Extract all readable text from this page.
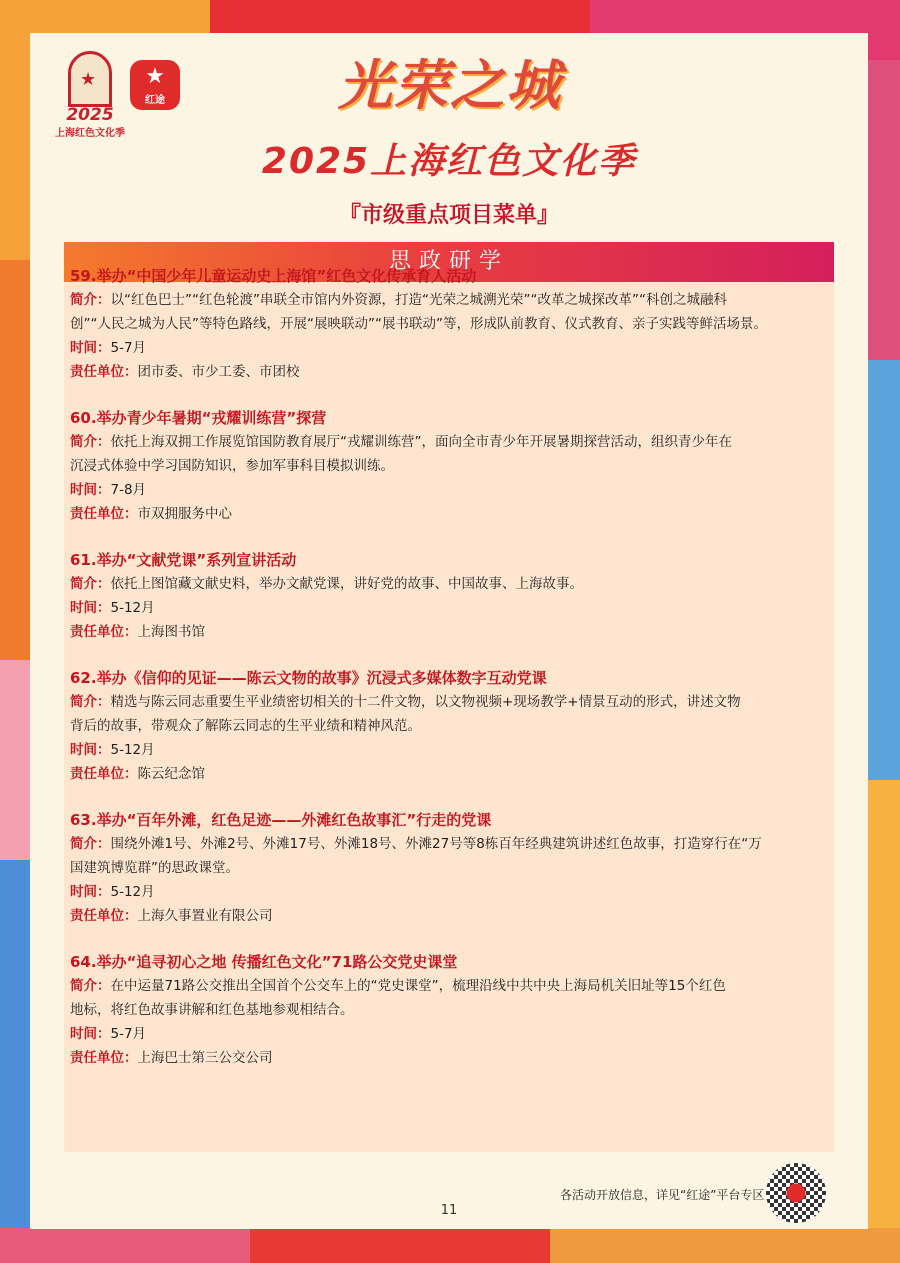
★
2025
上海红色文化季
★
红途	光荣之城
2025上海红色文化季
『市级重点项目菜单』
思政研学
各活动开放信息，详见“红途”平台专区
11
59.举办“中国少年儿童运动史上海馆”红色文化传承育人活动
简介：以“红色巴士”“红色轮渡”串联全市馆内外资源，打造“光荣之城溯光荣”“改革之城探改革”“科创之城融科
创”“人民之城为人民”等特色路线，开展“展映联动”“展书联动”等，形成队前教育、仪式教育、亲子实践等鲜活场景。
时间：5-7月
责任单位：团市委、市少工委、市团校
60.举办青少年暑期“戎耀训练营”探营
简介：依托上海双拥工作展览馆国防教育展厅“戎耀训练营”，面向全市青少年开展暑期探营活动，组织青少年在
沉浸式体验中学习国防知识，参加军事科目模拟训练。
时间：7-8月
责任单位：市双拥服务中心
61.举办“文献党课”系列宣讲活动
简介：依托上图馆藏文献史料，举办文献党课，讲好党的故事、中国故事、上海故事。
时间：5-12月
责任单位：上海图书馆
62.举办《信仰的见证——陈云文物的故事》沉浸式多媒体数字互动党课
简介：精选与陈云同志重要生平业绩密切相关的十二件文物，以文物视频+现场教学+情景互动的形式，讲述文物
背后的故事，带观众了解陈云同志的生平业绩和精神风范。
时间：5-12月
责任单位：陈云纪念馆
63.举办“百年外滩，红色足迹——外滩红色故事汇”行走的党课
简介：围绕外滩1号、外滩2号、外滩17号、外滩18号、外滩27号等8栋百年经典建筑讲述红色故事，打造穿行在“万
国建筑博览群”的思政课堂。
时间：5-12月
责任单位：上海久事置业有限公司
64.举办“追寻初心之地 传播红色文化”71路公交党史课堂
简介：在中运量71路公交推出全国首个公交车上的“党史课堂”，梳理沿线中共中央上海局机关旧址等15个红色
地标，将红色故事讲解和红色基地参观相结合。
时间：5-7月
责任单位：上海巴士第三公交公司
